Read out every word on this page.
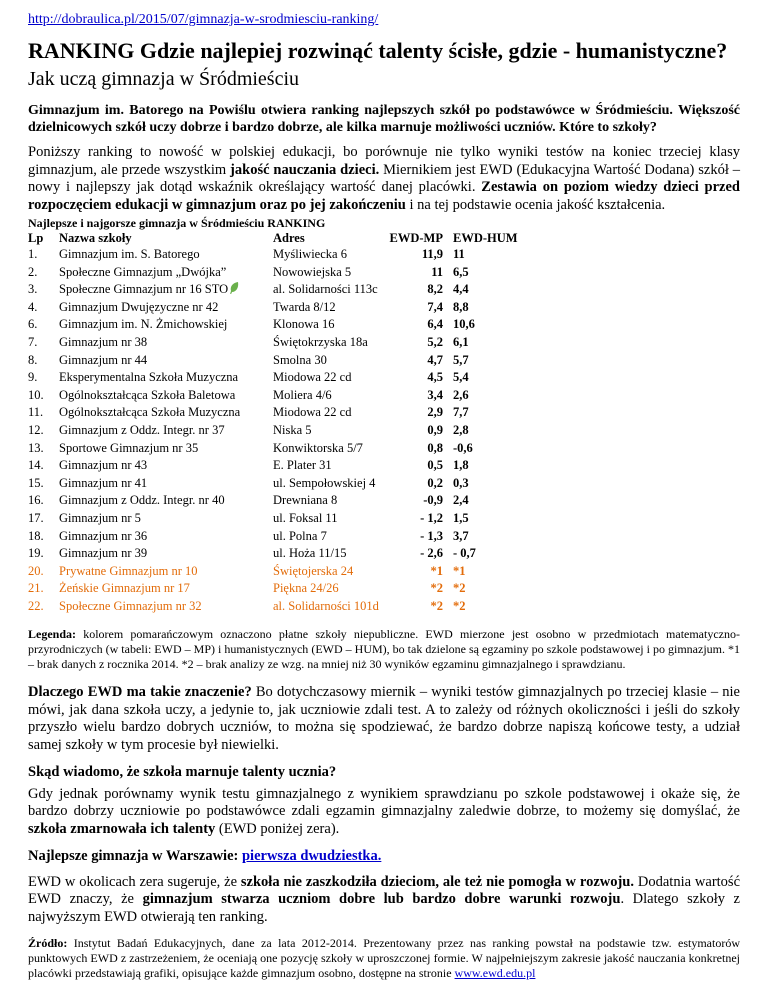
http://dobraulica.pl/2015/07/gimnazja-w-srodmiesciu-ranking/
RANKING Gdzie najlepiej rozwinąć talenty ścisłe, gdzie - humanistyczne?
Jak uczą gimnazja w Śródmieściu
Gimnazjum im. Batorego na Powiślu otwiera ranking najlepszych szkół po podstawówce w Śródmieściu. Większość dzielnicowych szkół uczy dobrze i bardzo dobrze, ale kilka marnuje możliwości uczniów. Które to szkoły?

Poniższy ranking to nowość w polskiej edukacji, bo porównuje nie tylko wyniki testów na koniec trzeciej klasy gimnazjum, ale przede wszystkim jakość nauczania dzieci. Miernikiem jest EWD (Edukacyjna Wartość Dodana) szkół – nowy i najlepszy jak dotąd wskaźnik określający wartość danej placówki. Zestawia on poziom wiedzy dzieci przed rozpoczęciem edukacji w gimnazjum oraz po jej zakończeniu i na tej podstawie ocenia jakość kształcenia.

Najlepsze i najgorsze gimnazja w Śródmieściu RANKING
Lp	Nazwa szkoły	Adres	EWD-MP	EWD-HUM
1.	Gimnazjum im. S. Batorego	Myśliwiecka 6	11,9	11
2.	Społeczne Gimnazjum „Dwójka”	Nowowiejska 5	11	6,5
3.	Społeczne Gimnazjum nr 16 STO	al. Solidarności 113c	8,2	4,4
4.	Gimnazjum Dwujęzyczne nr 42	Twarda 8/12	7,4	8,8
6.	Gimnazjum im. N. Żmichowskiej	Klonowa 16	6,4	10,6
7.	Gimnazjum nr 38	Świętokrzyska 18a	5,2	6,1
8.	Gimnazjum nr 44	Smolna 30	4,7	5,7
9.	Eksperymentalna Szkoła Muzyczna	Miodowa 22 cd	4,5	5,4
10.	Ogólnokształcąca Szkoła Baletowa	Moliera 4/6	3,4	2,6
11.	Ogólnokształcąca Szkoła Muzyczna	Miodowa 22 cd	2,9	7,7
12.	Gimnazjum z Oddz. Integr. nr 37	Niska 5	0,9	2,8
13.	Sportowe Gimnazjum nr 35	Konwiktorska 5/7	0,8	-0,6
14.	Gimnazjum nr 43	E. Plater 31	0,5	1,8
15.	Gimnazjum nr 41	ul. Sempołowskiej 4	0,2	0,3
16.	Gimnazjum z Oddz. Integr. nr 40	Drewniana 8	-0,9	2,4
17.	Gimnazjum nr 5	ul. Foksal 11	- 1,2	1,5
18.	Gimnazjum nr 36	ul. Polna 7	- 1,3	3,7
19.	Gimnazjum nr 39	ul. Hoża 11/15	- 2,6	- 0,7
20.	Prywatne Gimnazjum nr 10	Świętojerska 24	*1	*1
21.	Żeńskie Gimnazjum nr 17	Piękna 24/26	*2	*2
22.	Społeczne Gimnazjum nr 32	al. Solidarności 101d	*2	*2
Legenda: kolorem pomarańczowym oznaczono płatne szkoły niepubliczne. EWD mierzone jest osobno w przedmiotach matematyczno-przyrodniczych (w tabeli: EWD – MP) i humanistycznych (EWD – HUM), bo tak dzielone są egzaminy po szkole podstawowej i po gimnazjum. *1 – brak danych z rocznika 2014. *2 – brak analizy ze wzg. na mniej niż 30 wyników egzaminu gimnazjalnego i sprawdzianu.

Dlaczego EWD ma takie znaczenie? Bo dotychczasowy miernik – wyniki testów gimnazjalnych po trzeciej klasie – nie mówi, jak dana szkoła uczy, a jedynie to, jak uczniowie zdali test. A to zależy od różnych okoliczności i jeśli do szkoły przyszło wielu bardzo dobrych uczniów, to można się spodziewać, że bardzo dobrze napiszą końcowe testy, a udział samej szkoły w tym procesie był niewielki.

Skąd wiadomo, że szkoła marnuje talenty ucznia?

Gdy jednak porównamy wynik testu gimnazjalnego z wynikiem sprawdzianu po szkole podstawowej i okaże się, że bardzo dobrzy uczniowie po podstawówce zdali egzamin gimnazjalny zaledwie dobrze, to możemy się domyślać, że szkoła zmarnowała ich talenty (EWD poniżej zera).

Najlepsze gimnazja w Warszawie: pierwsza dwudziestka.

EWD w okolicach zera sugeruje, że szkoła nie zaszkodziła dzieciom, ale też nie pomogła w rozwoju. Dodatnia wartość EWD znaczy, że gimnazjum stwarza uczniom dobre lub bardzo dobre warunki rozwoju. Dlatego szkoły z najwyższym EWD otwierają ten ranking.

Źródło: Instytut Badań Edukacyjnych, dane za lata 2012-2014. Prezentowany przez nas ranking powstał na podstawie tzw. estymatorów punktowych EWD z zastrzeżeniem, że oceniają one pozycję szkoły w uproszczonej formie. W najpełniejszym zakresie jakość nauczania konkretnej placówki przedstawiają grafiki, opisujące każde gimnazjum osobno, dostępne na stronie www.ewd.edu.pl
